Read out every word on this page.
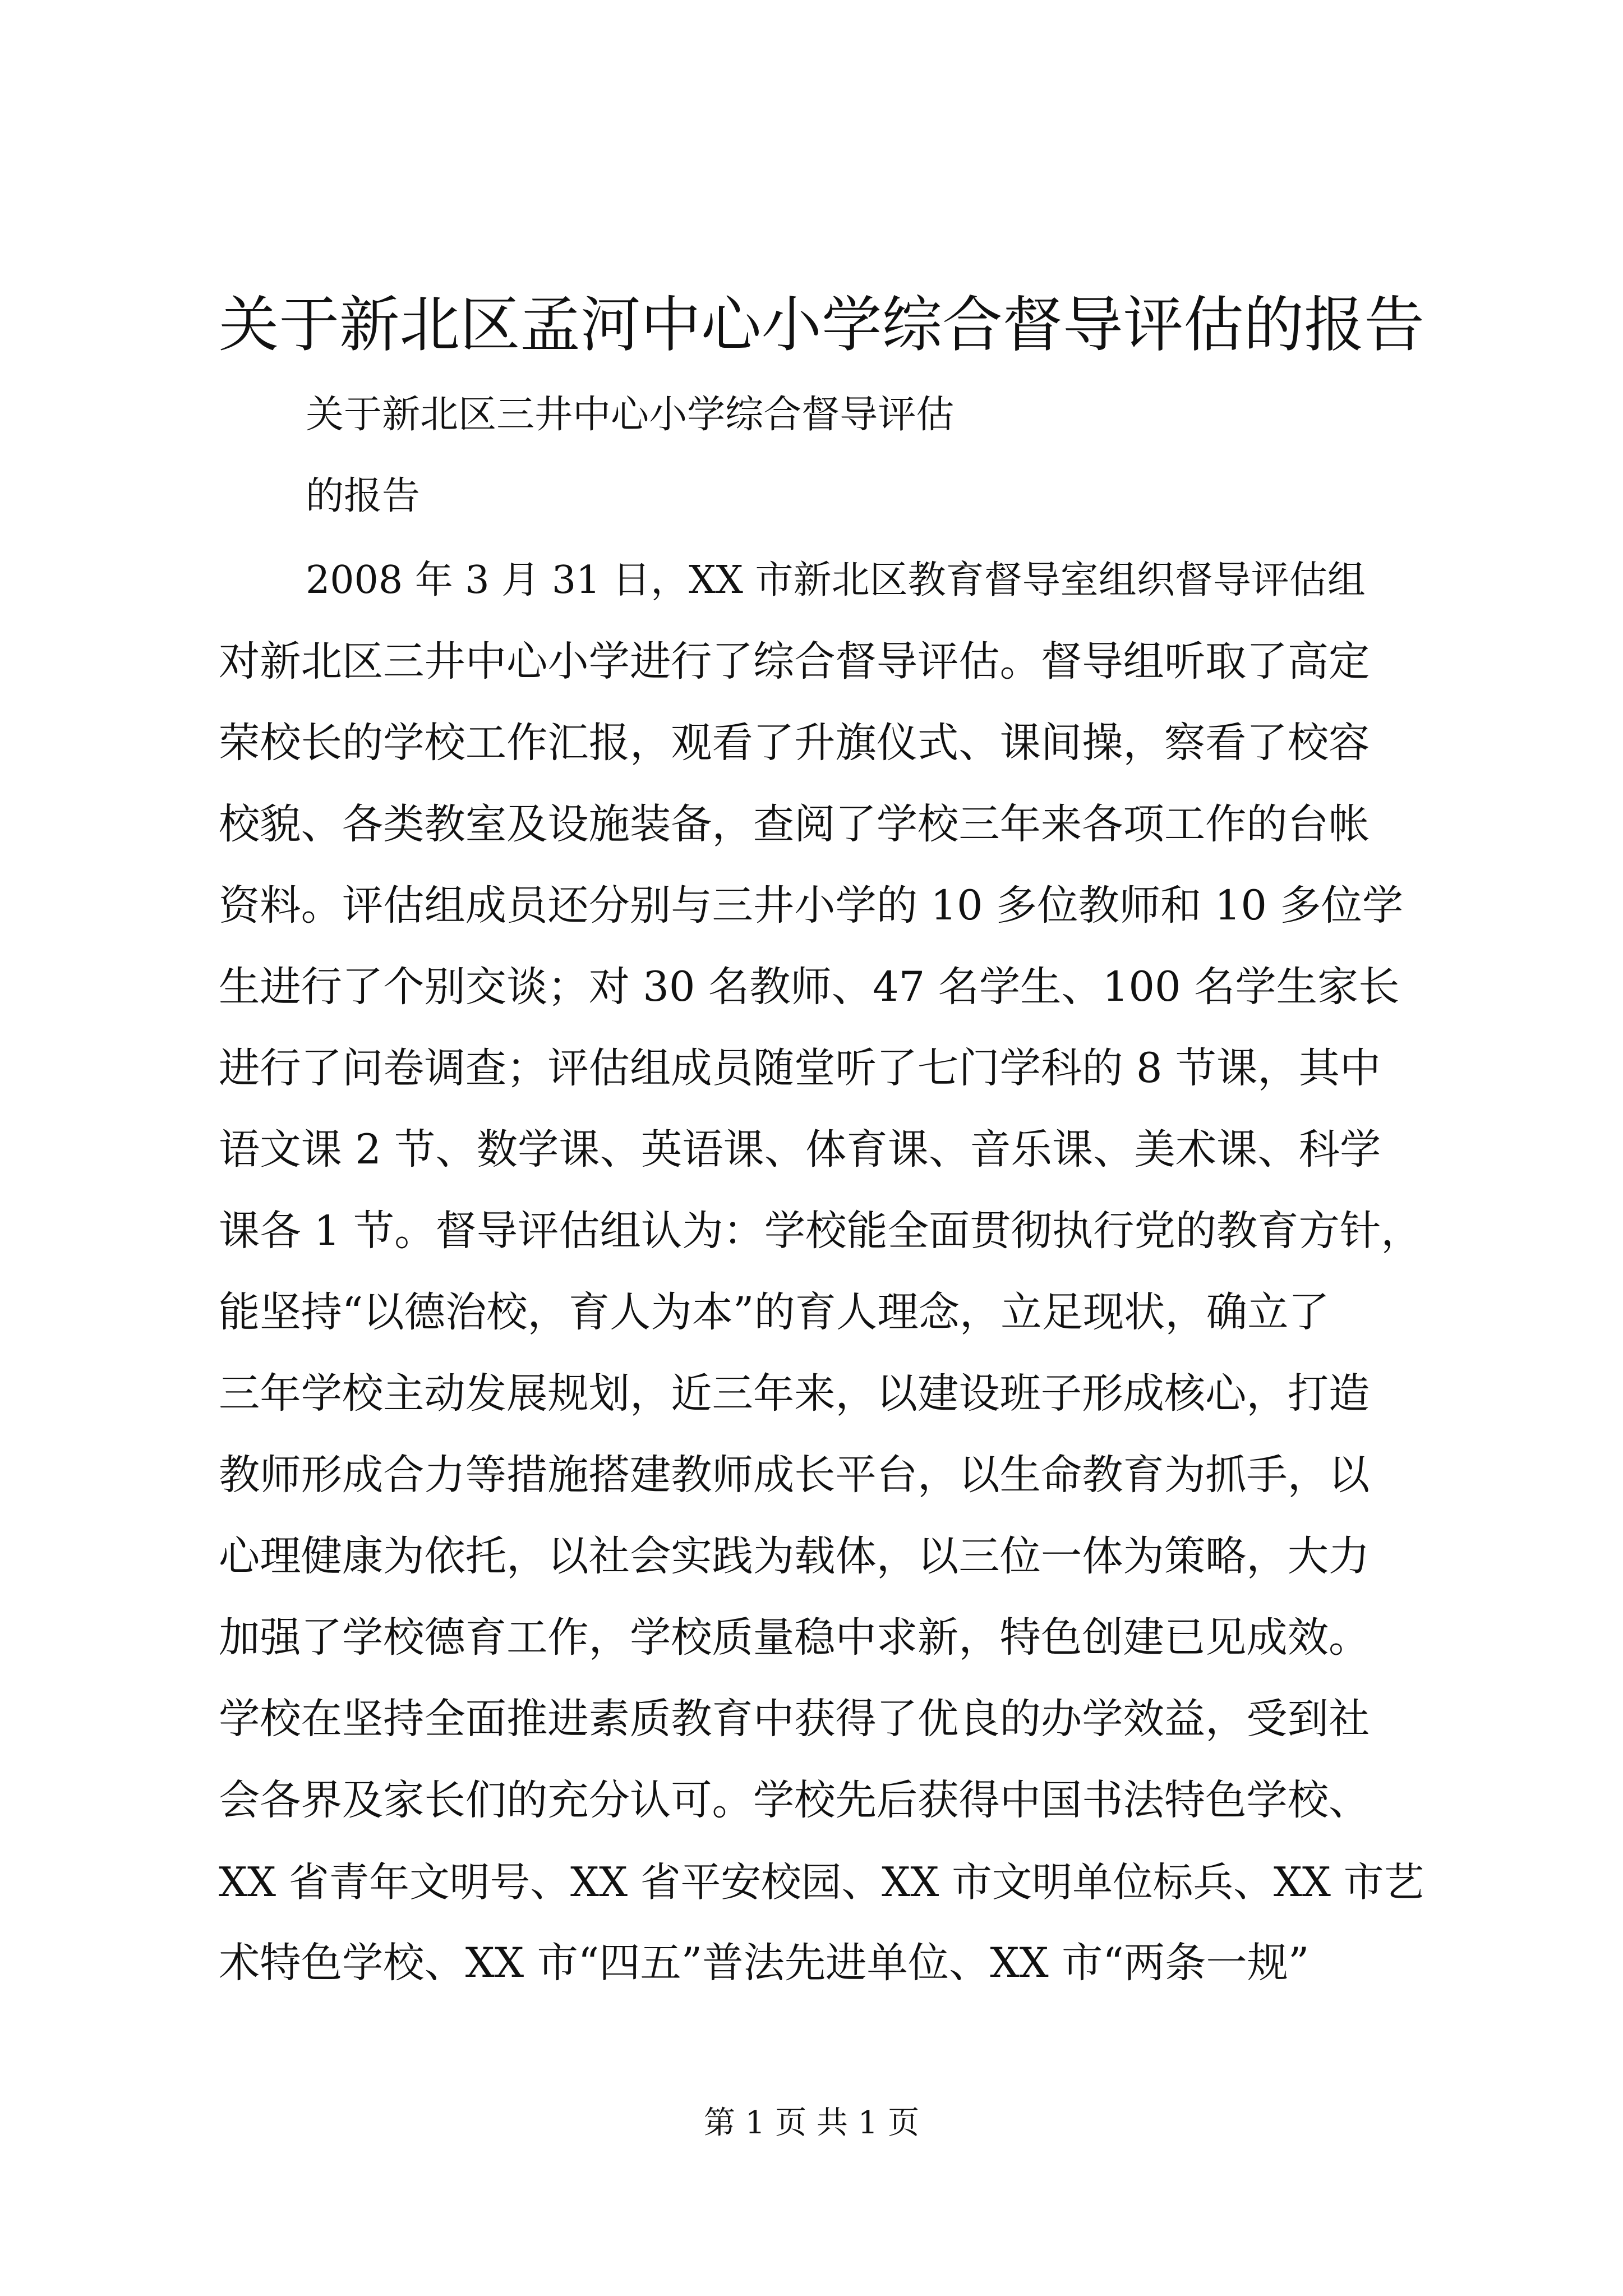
关于新北区孟河中心小学综合督导评估的报告
关于新北区三井中心小学综合督导评估
的报告
2008 年 3 月 31 日，XX 市新北区教育督导室组织督导评估组
对新北区三井中心小学进行了综合督导评估。督导组听取了高定
荣校长的学校工作汇报，观看了升旗仪式、课间操，察看了校容
校貌、各类教室及设施装备，查阅了学校三年来各项工作的台帐
资料。评估组成员还分别与三井小学的 10 多位教师和 10 多位学
生进行了个别交谈；对 30 名教师、47 名学生、100 名学生家长
进行了问卷调查；评估组成员随堂听了七门学科的 8 节课，其中
语文课 2 节、数学课、英语课、体育课、音乐课、美术课、科学
课各 1 节。督导评估组认为：学校能全面贯彻执行党的教育方针，
能坚持“以德治校，育人为本”的育人理念，立足现状，确立了
三年学校主动发展规划，近三年来，以建设班子形成核心，打造
教师形成合力等措施搭建教师成长平台，以生命教育为抓手，以
心理健康为依托，以社会实践为载体，以三位一体为策略，大力
加强了学校德育工作，学校质量稳中求新，特色创建已见成效。
学校在坚持全面推进素质教育中获得了优良的办学效益，受到社
会各界及家长们的充分认可。学校先后获得中国书法特色学校、
XX 省青年文明号、XX 省平安校园、XX 市文明单位标兵、XX 市艺
术特色学校、XX 市“四五”普法先进单位、XX 市“两条一规”
第 1 页 共 1 页
